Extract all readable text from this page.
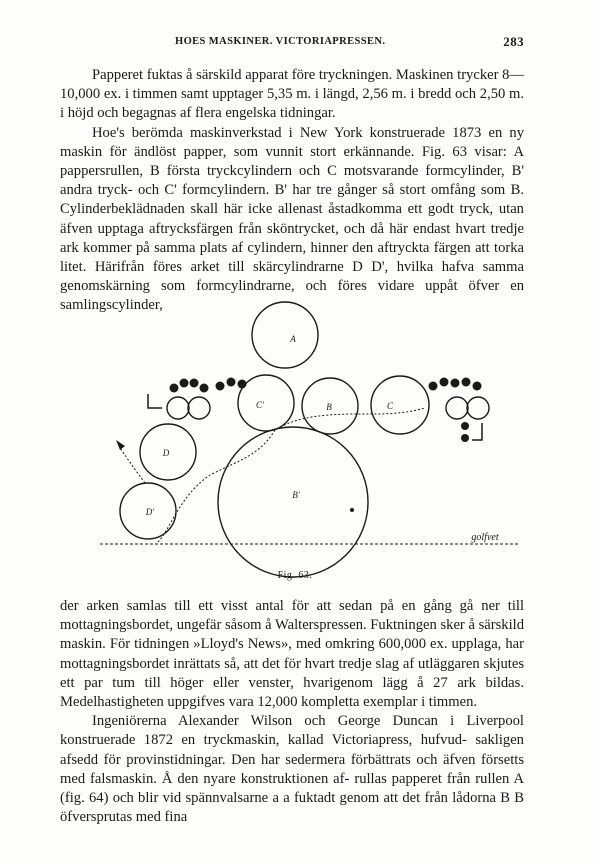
HOES MASKINER. VICTORIAPRESSEN.	283

Papperet fuktas å särskild apparat före tryckningen. Maskinen trycker 8—10,000 ex. i timmen samt upptager 5,35 m. i längd, 2,56 m. i bredd och 2,50 m. i höjd och begagnas af flera engelska tidningar.

Hoe's berömda maskinverkstad i New York konstruerade 1873 en ny maskin för ändlöst papper, som vunnit stort erkännande. Fig. 63 visar: A pappersrullen, B första tryckcylindern och C motsvarande formcylinder, B' andra tryck- och C' formcylindern. B' har tre gånger så stort omfång som B. Cylinderbeklädnaden skall här icke allenast åstadkomma ett godt tryck, utan äfven upptaga aftrycksfärgen från sköntrycket, och då här endast hvart tredje ark kommer på samma plats af cylindern, hinner den aftryckta färgen att torka litet. Härifrån föres arket till skärcylindrarne D D', hvilka hafva samma genomskärning som formcylindrarne, och föres vidare uppåt öfver en samlingscylinder,

A
C'	B	C
D
D'
B'
golfvet
Fig. 63.

der arken samlas till ett visst antal för att sedan på en gång gå ner till mottagningsbordet, ungefär såsom å Walterspressen. Fuktningen sker å särskild maskin. För tidningen »Lloyd's News», med omkring 600,000 ex. upplaga, har mottagningsbordet inrättats så, att det för hvart tredje slag af utläggaren skjutes ett par tum till höger eller venster, hvarigenom lägg å 27 ark bildas. Medelhastigheten uppgifves vara 12,000 kompletta exemplar i timmen.

Ingeniörerna Alexander Wilson och George Duncan i Liverpool konstruerade 1872 en tryckmaskin, kallad Victoriapress, hufvud- sakligen afsedd för provinstidningar. Den har sedermera förbättrats och äfven försetts med falsmaskin. Å den nyare konstruktionen af- rullas papperet från rullen A (fig. 64) och blir vid spännvalsarne a a fuktadt genom att det från lådorna B B öfversprutas med fina
